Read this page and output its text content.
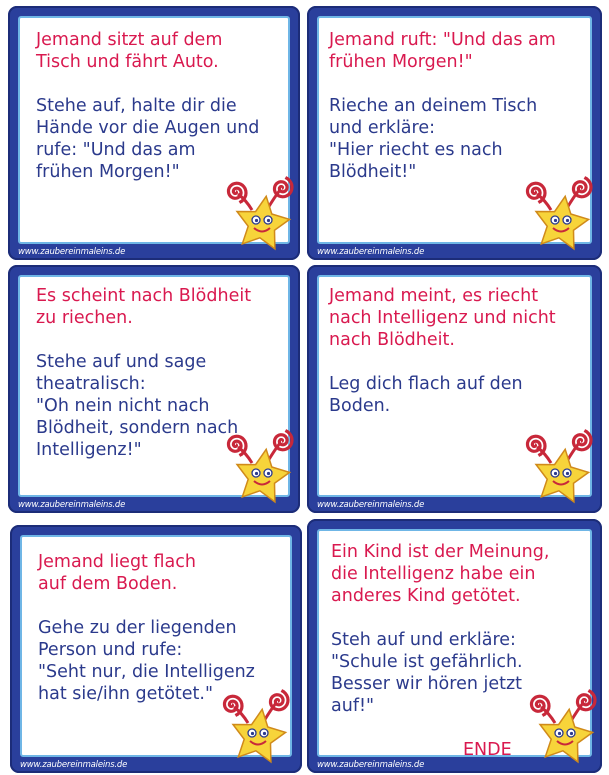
Jemand sitzt auf dem
Tisch und fährt Auto.

Stehe auf, halte dir die
Hände vor die Augen und
rufe: "Und das am
frühen Morgen!"

www.zaubereinmaleins.de

Jemand ruft: "Und das am
frühen Morgen!"

Rieche an deinem Tisch
und erkläre:
"Hier riecht es nach
Blödheit!"

www.zaubereinmaleins.de

Es scheint nach Blödheit
zu riechen.

Stehe auf und sage
theatralisch:
"Oh nein nicht nach
Blödheit, sondern nach
Intelligenz!"

www.zaubereinmaleins.de

Jemand meint, es riecht
nach Intelligenz und nicht
nach Blödheit.

Leg dich flach auf den
Boden.

www.zaubereinmaleins.de

Jemand liegt flach
auf dem Boden.

Gehe zu der liegenden
Person und rufe:
"Seht nur, die Intelligenz
hat sie/ihn getötet."

www.zaubereinmaleins.de

Ein Kind ist der Meinung,
die Intelligenz habe ein
anderes Kind getötet.

Steh auf und erkläre:
"Schule ist gefährlich.
Besser wir hören jetzt
auf!"

ENDE
www.zaubereinmaleins.de
